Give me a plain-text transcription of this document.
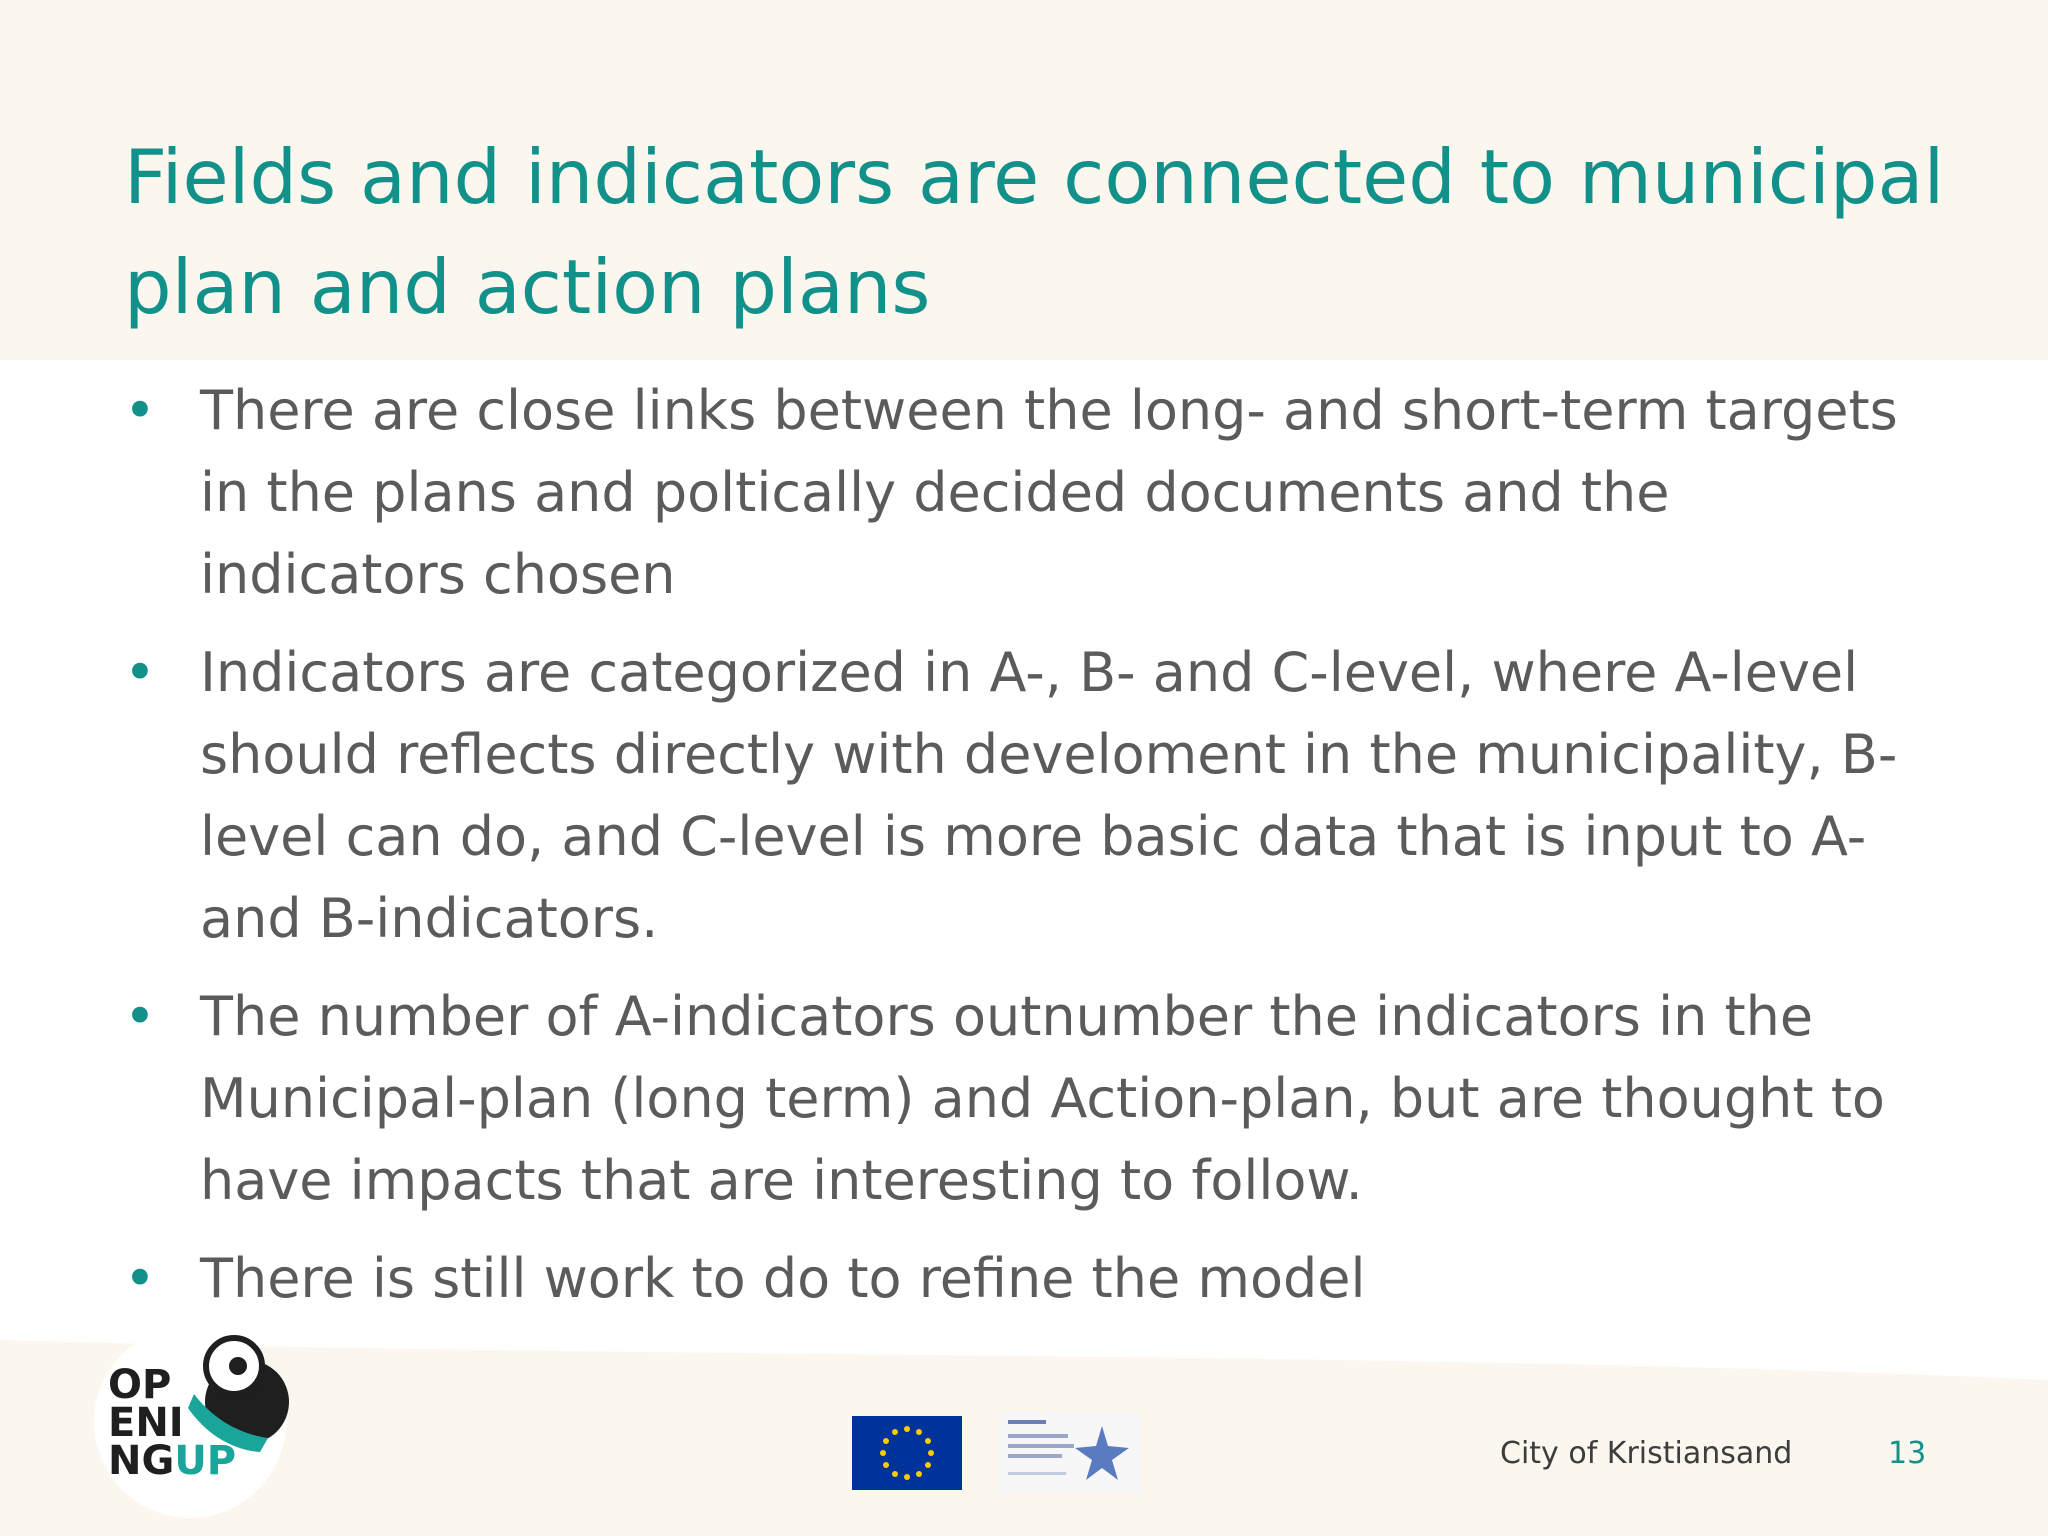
Fields and indicators are connected to municipal plan and action plans
• There are close links between the long- and short-term targets in the plans and poltically decided documents and the indicators chosen
• Indicators are categorized in A-, B- and C-level, where A-level should reflects directly with develoment in the municipality, B-level can do, and C-level is more basic data that is input to A- and B-indicators.
• The number of A-indicators outnumber the indicators in the Municipal-plan (long term) and Action-plan, but are thought to have impacts that are interesting to follow.
• There is still work to do to refine the model
OP
ENI
NGUP	City of Kristiansand	13
